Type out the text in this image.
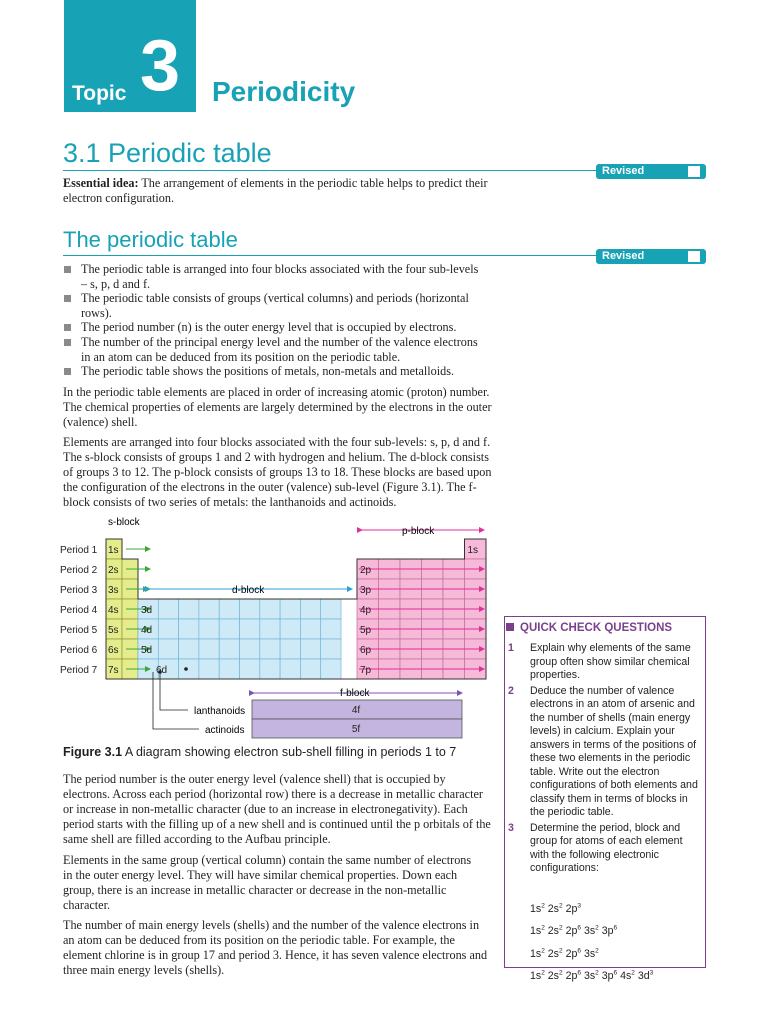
Topic 3 Periodicity
3.1 Periodic table
Revised

Essential idea: The arrangement of elements in the periodic table helps to predict their electron configuration.

The periodic table
Revised
The periodic table is arranged into four blocks associated with the four sub-levels – s, p, d and f.
The periodic table consists of groups (vertical columns) and periods (horizontal rows).
The period number (n) is the outer energy level that is occupied by electrons.
The number of the principal energy level and the number of the valence electrons in an atom can be deduced from its position on the periodic table.
The periodic table shows the positions of metals, non-metals and metalloids.

In the periodic table elements are placed in order of increasing atomic (proton) number. The chemical properties of elements are largely determined by the electrons in the outer (valence) shell.

Elements are arranged into four blocks associated with the four sub-levels: s, p, d and f. The s-block consists of groups 1 and 2 with hydrogen and helium. The d-block consists of groups 3 to 12. The p-block consists of groups 13 to 18. These blocks are based upon the configuration of the electrons in the outer (valence) sub-level (Figure 3.1). The f-block consists of two series of metals: the lanthanoids and actinoids.

s-block
p-block
d-block
f-block
lanthanoids
actinoids
Period 1
Period 2
Period 3
Period 4
Period 5
Period 6
Period 7
1s
2s
3s
4s
5s
6s
7s
1s
3d
4d
5d
6d
2p
3p
4p
5p
6p
7p
4f
5f
Figure 3.1 A diagram showing electron sub-shell filling in periods 1 to 7

The period number is the outer energy level (valence shell) that is occupied by electrons. Across each period (horizontal row) there is a decrease in metallic character or increase in non-metallic character (due to an increase in electronegativity). Each period starts with the filling up of a new shell and is continued until the p orbitals of the same shell are filled according to the Aufbau principle.

Elements in the same group (vertical column) contain the same number of electrons in the outer energy level. They will have similar chemical properties. Down each group, there is an increase in metallic character or decrease in the non-metallic character.

The number of main energy levels (shells) and the number of the valence electrons in an atom can be deduced from its position on the periodic table. For example, the element chlorine is in group 17 and period 3. Hence, it has seven valence electrons and three main energy levels (shells).

QUICK CHECK QUESTIONS
1 Explain why elements of the same group often show similar chemical properties.
2 Deduce the number of valence electrons in an atom of arsenic and the number of shells (main energy levels) in calcium. Explain your answers in terms of the positions of these two elements in the periodic table. Write out the electron configurations of both elements and classify them in terms of blocks in the periodic table.
3 Determine the period, block and group for atoms of each element with the following electronic configurations:
$1s^2$ $2s^2$ $2p^3$
$1s^2$ $2s^2$ $2p^6$ $3s^2$ $3p^6$
$1s^2$ $2s^2$ $2p^6$ $3s^2$
$1s^2$ $2s^2$ $2p^6$ $3s^2$ $3p^6$ $4s^2$ $3d^3$
